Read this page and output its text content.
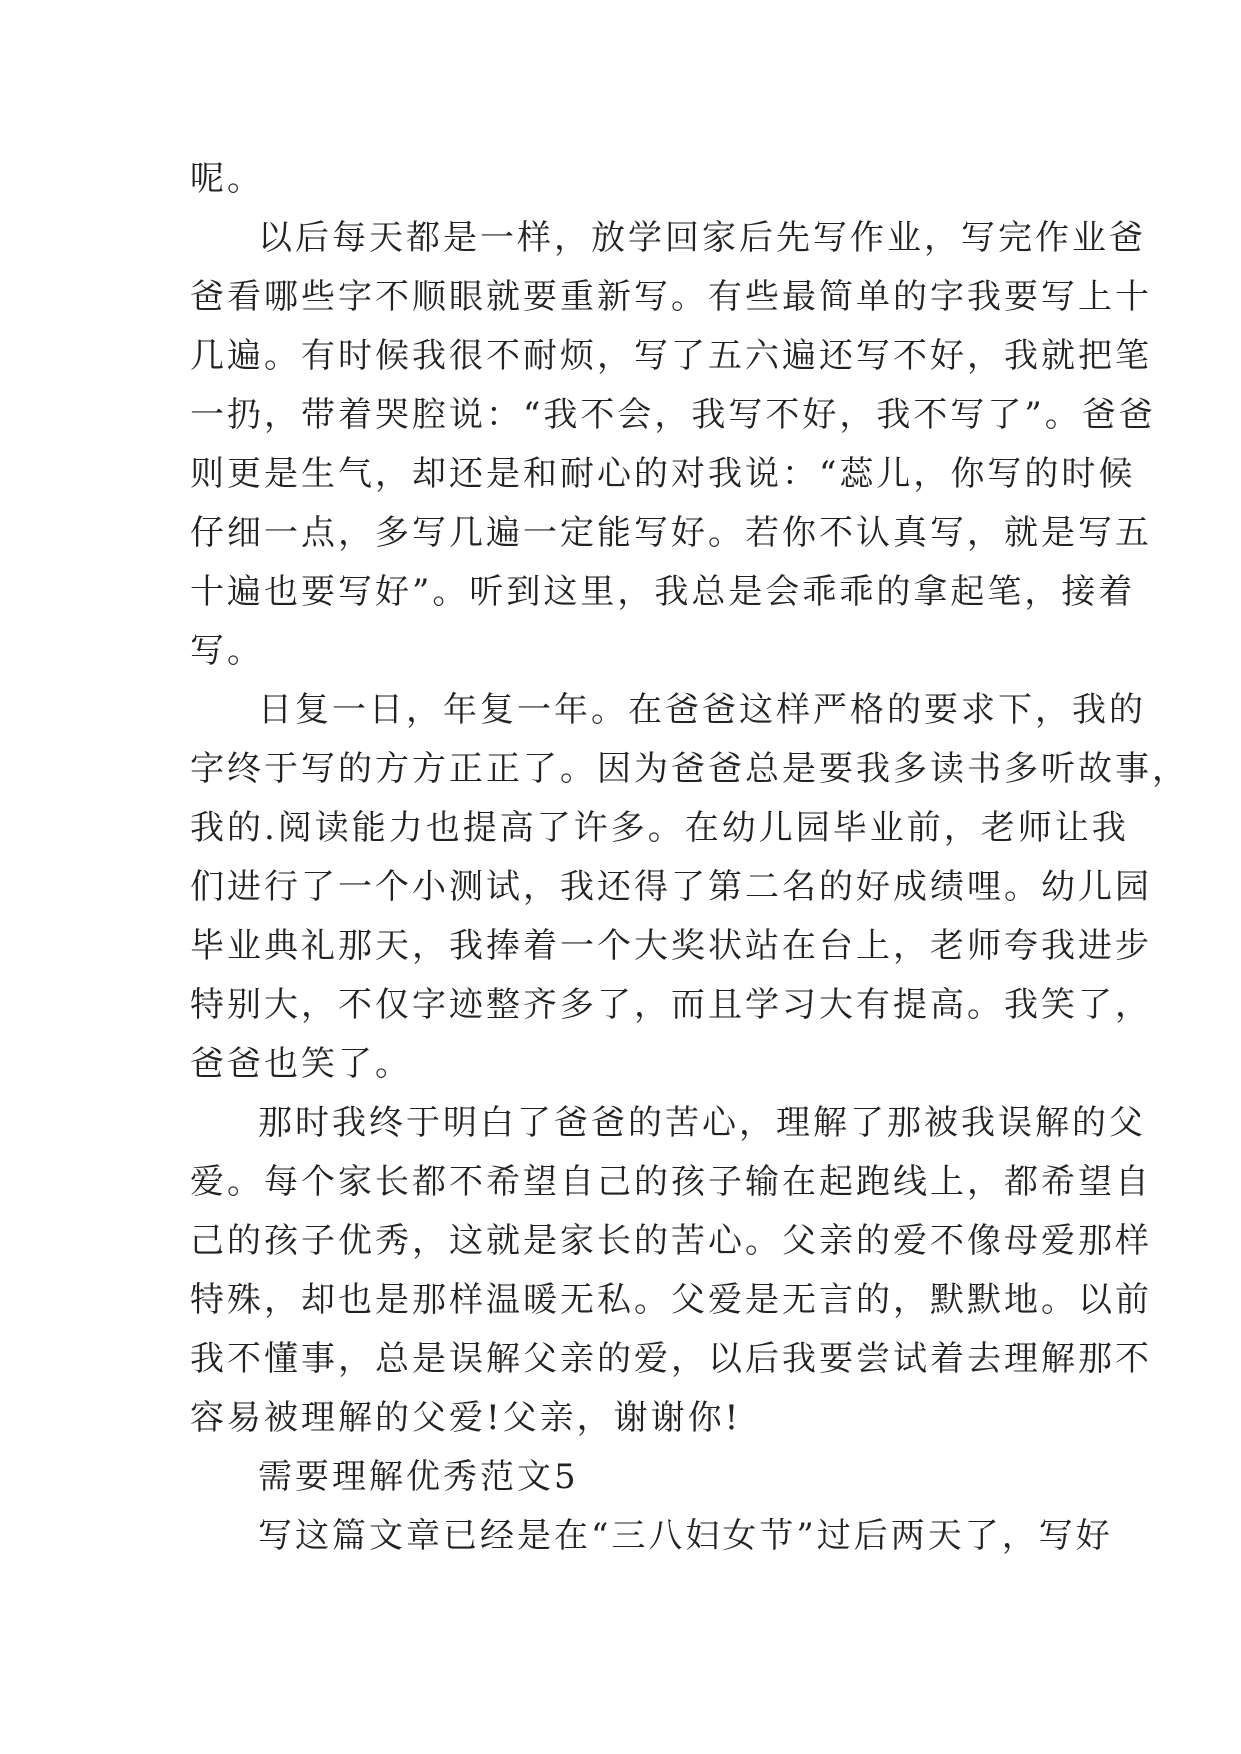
呢。
以后每天都是一样，放学回家后先写作业，写完作业爸
爸看哪些字不顺眼就要重新写。有些最简单的字我要写上十
几遍。有时候我很不耐烦，写了五六遍还写不好，我就把笔
一扔，带着哭腔说：“我不会，我写不好，我不写了”。爸爸
则更是生气，却还是和耐心的对我说：“蕊儿，你写的时候
仔细一点，多写几遍一定能写好。若你不认真写，就是写五
十遍也要写好”。听到这里，我总是会乖乖的拿起笔，接着
写。
日复一日，年复一年。在爸爸这样严格的要求下，我的
字终于写的方方正正了。因为爸爸总是要我多读书多听故事，
我的.阅读能力也提高了许多。在幼儿园毕业前，老师让我
们进行了一个小测试，我还得了第二名的好成绩哩。幼儿园
毕业典礼那天，我捧着一个大奖状站在台上，老师夸我进步
特别大，不仅字迹整齐多了，而且学习大有提高。我笑了，
爸爸也笑了。
那时我终于明白了爸爸的苦心，理解了那被我误解的父
爱。每个家长都不希望自己的孩子输在起跑线上，都希望自
己的孩子优秀，这就是家长的苦心。父亲的爱不像母爱那样
特殊，却也是那样温暖无私。父爱是无言的，默默地。以前
我不懂事，总是误解父亲的爱，以后我要尝试着去理解那不
容易被理解的父爱!父亲，谢谢你!
需要理解优秀范文5
写这篇文章已经是在“三八妇女节”过后两天了，写好
